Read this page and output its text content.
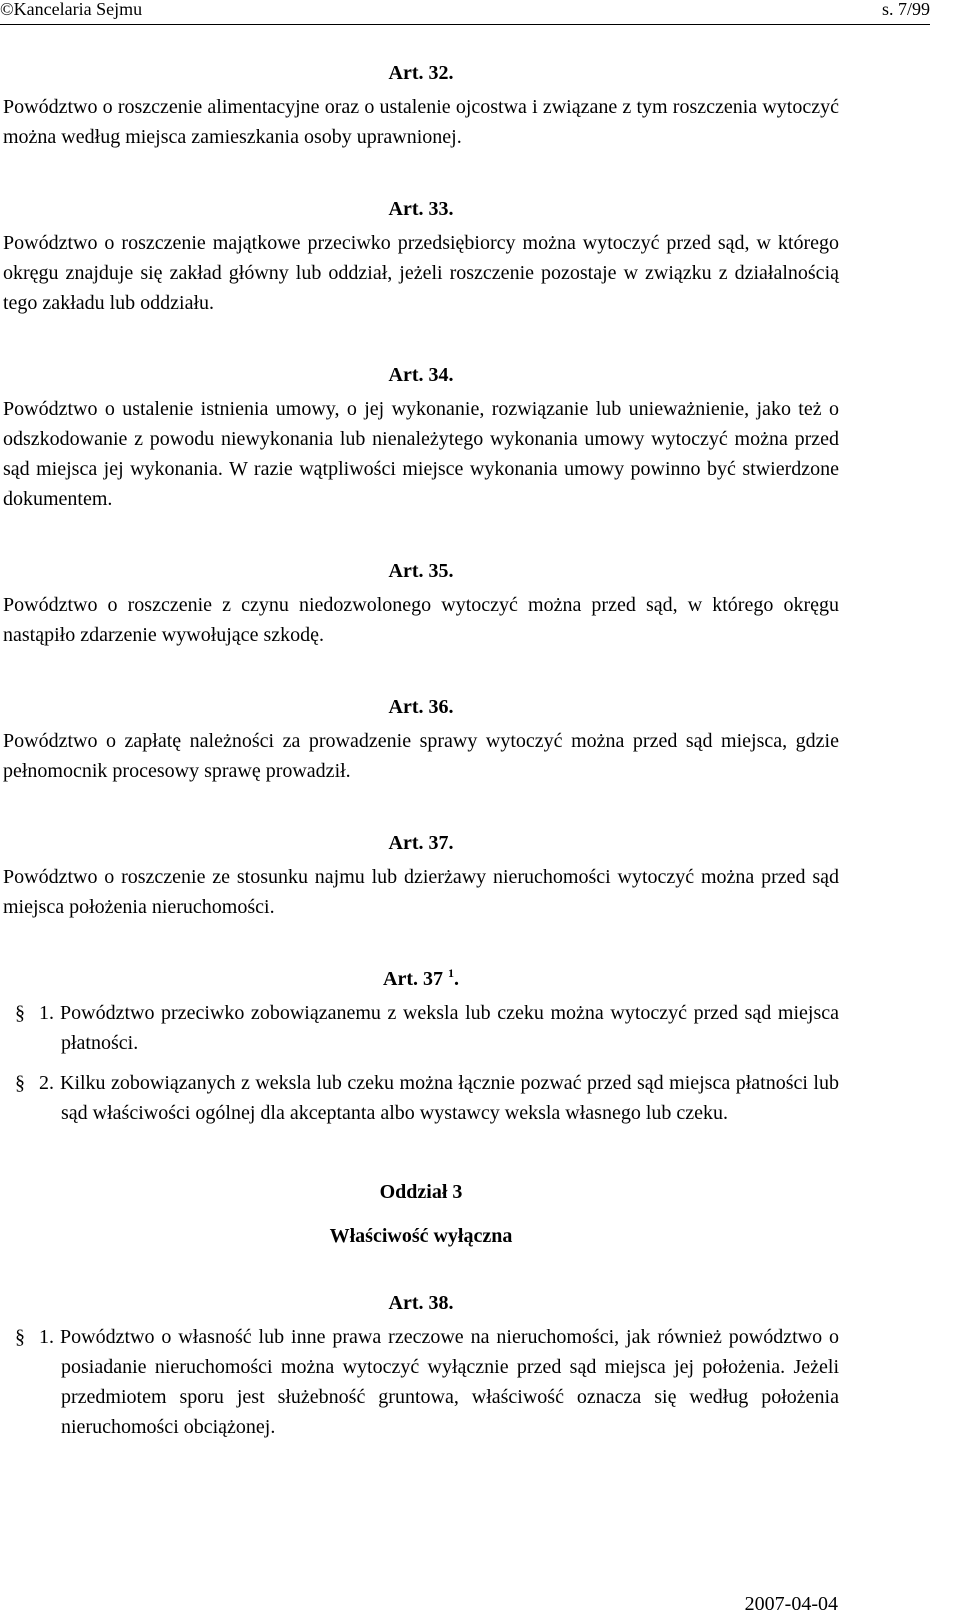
©Kancelaria Sejmu	s. 7/99
Art. 32.
Powództwo o roszczenie alimentacyjne oraz o ustalenie ojcostwa i związane z tym roszczenia wytoczyć można według miejsca zamieszkania osoby uprawnionej.
Art. 33.
Powództwo o roszczenie majątkowe przeciwko przedsiębiorcy można wytoczyć przed sąd, w którego okręgu znajduje się zakład główny lub oddział, jeżeli roszczenie pozostaje w związku z działalnością tego zakładu lub oddziału.
Art. 34.
Powództwo o ustalenie istnienia umowy, o jej wykonanie, rozwiązanie lub unieważnienie, jako też o odszkodowanie z powodu niewykonania lub nienależytego wykonania umowy wytoczyć można przed sąd miejsca jej wykonania. W razie wątpliwości miejsce wykonania umowy powinno być stwierdzone dokumentem.
Art. 35.
Powództwo o roszczenie z czynu niedozwolonego wytoczyć można przed sąd, w którego okręgu nastąpiło zdarzenie wywołujące szkodę.
Art. 36.
Powództwo o zapłatę należności za prowadzenie sprawy wytoczyć można przed sąd miejsca, gdzie pełnomocnik procesowy sprawę prowadził.
Art. 37.
Powództwo o roszczenie ze stosunku najmu lub dzierżawy nieruchomości wytoczyć można przed sąd miejsca położenia nieruchomości.
Art. 37 $^1$.
§ 1. Powództwo przeciwko zobowiązanemu z weksla lub czeku można wytoczyć przed sąd miejsca płatności.
§ 2. Kilku zobowiązanych z weksla lub czeku można łącznie pozwać przed sąd miejsca płatności lub sąd właściwości ogólnej dla akceptanta albo wystawcy weksla własnego lub czeku.
Oddział 3
Właściwość wyłączna
Art. 38.
§ 1. Powództwo o własność lub inne prawa rzeczowe na nieruchomości, jak również powództwo o posiadanie nieruchomości można wytoczyć wyłącznie przed sąd miejsca jej położenia. Jeżeli przedmiotem sporu jest służebność gruntowa, właściwość oznacza się według położenia nieruchomości obciążonej.
2007-04-04
